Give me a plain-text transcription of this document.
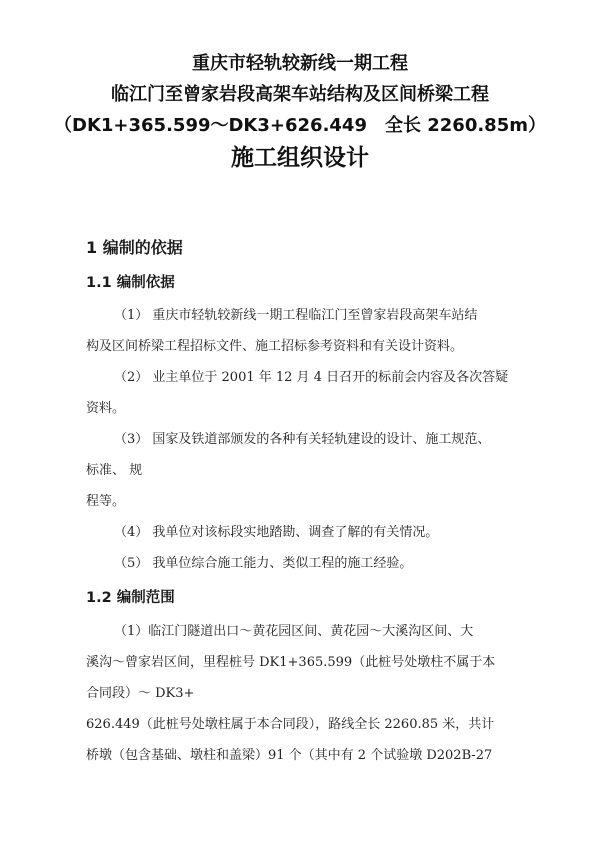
重庆市轻轨较新线一期工程
临江门至曾家岩段高架车站结构及区间桥梁工程
（DK1+365.599～DK3+626.449　全长 2260.85m）
施工组织设计
1 编制的依据
1.1 编制依据
（1） 重庆市轻轨较新线一期工程临江门至曾家岩段高架车站结
构及区间桥梁工程招标文件、施工招标参考资料和有关设计资料。
（2） 业主单位于 2001 年 12 月 4 日召开的标前会内容及各次答疑
资料。
（3） 国家及铁道部颁发的各种有关轻轨建设的设计、施工规范、
标准、 规
程等。
（4） 我单位对该标段实地踏勘、调查了解的有关情况。
（5） 我单位综合施工能力、类似工程的施工经验。
1.2 编制范围
（1）临江门隧道出口～黄花园区间、黄花园～大溪沟区间、大
溪沟～曾家岩区间，里程桩号 DK1+365.599（此桩号处墩柱不属于本
合同段）～ DK3+
626.449（此桩号处墩柱属于本合同段），路线全长 2260.85 米，共计
桥墩（包含基础、墩柱和盖梁）91 个（其中有 2 个试验墩 D202B-27
